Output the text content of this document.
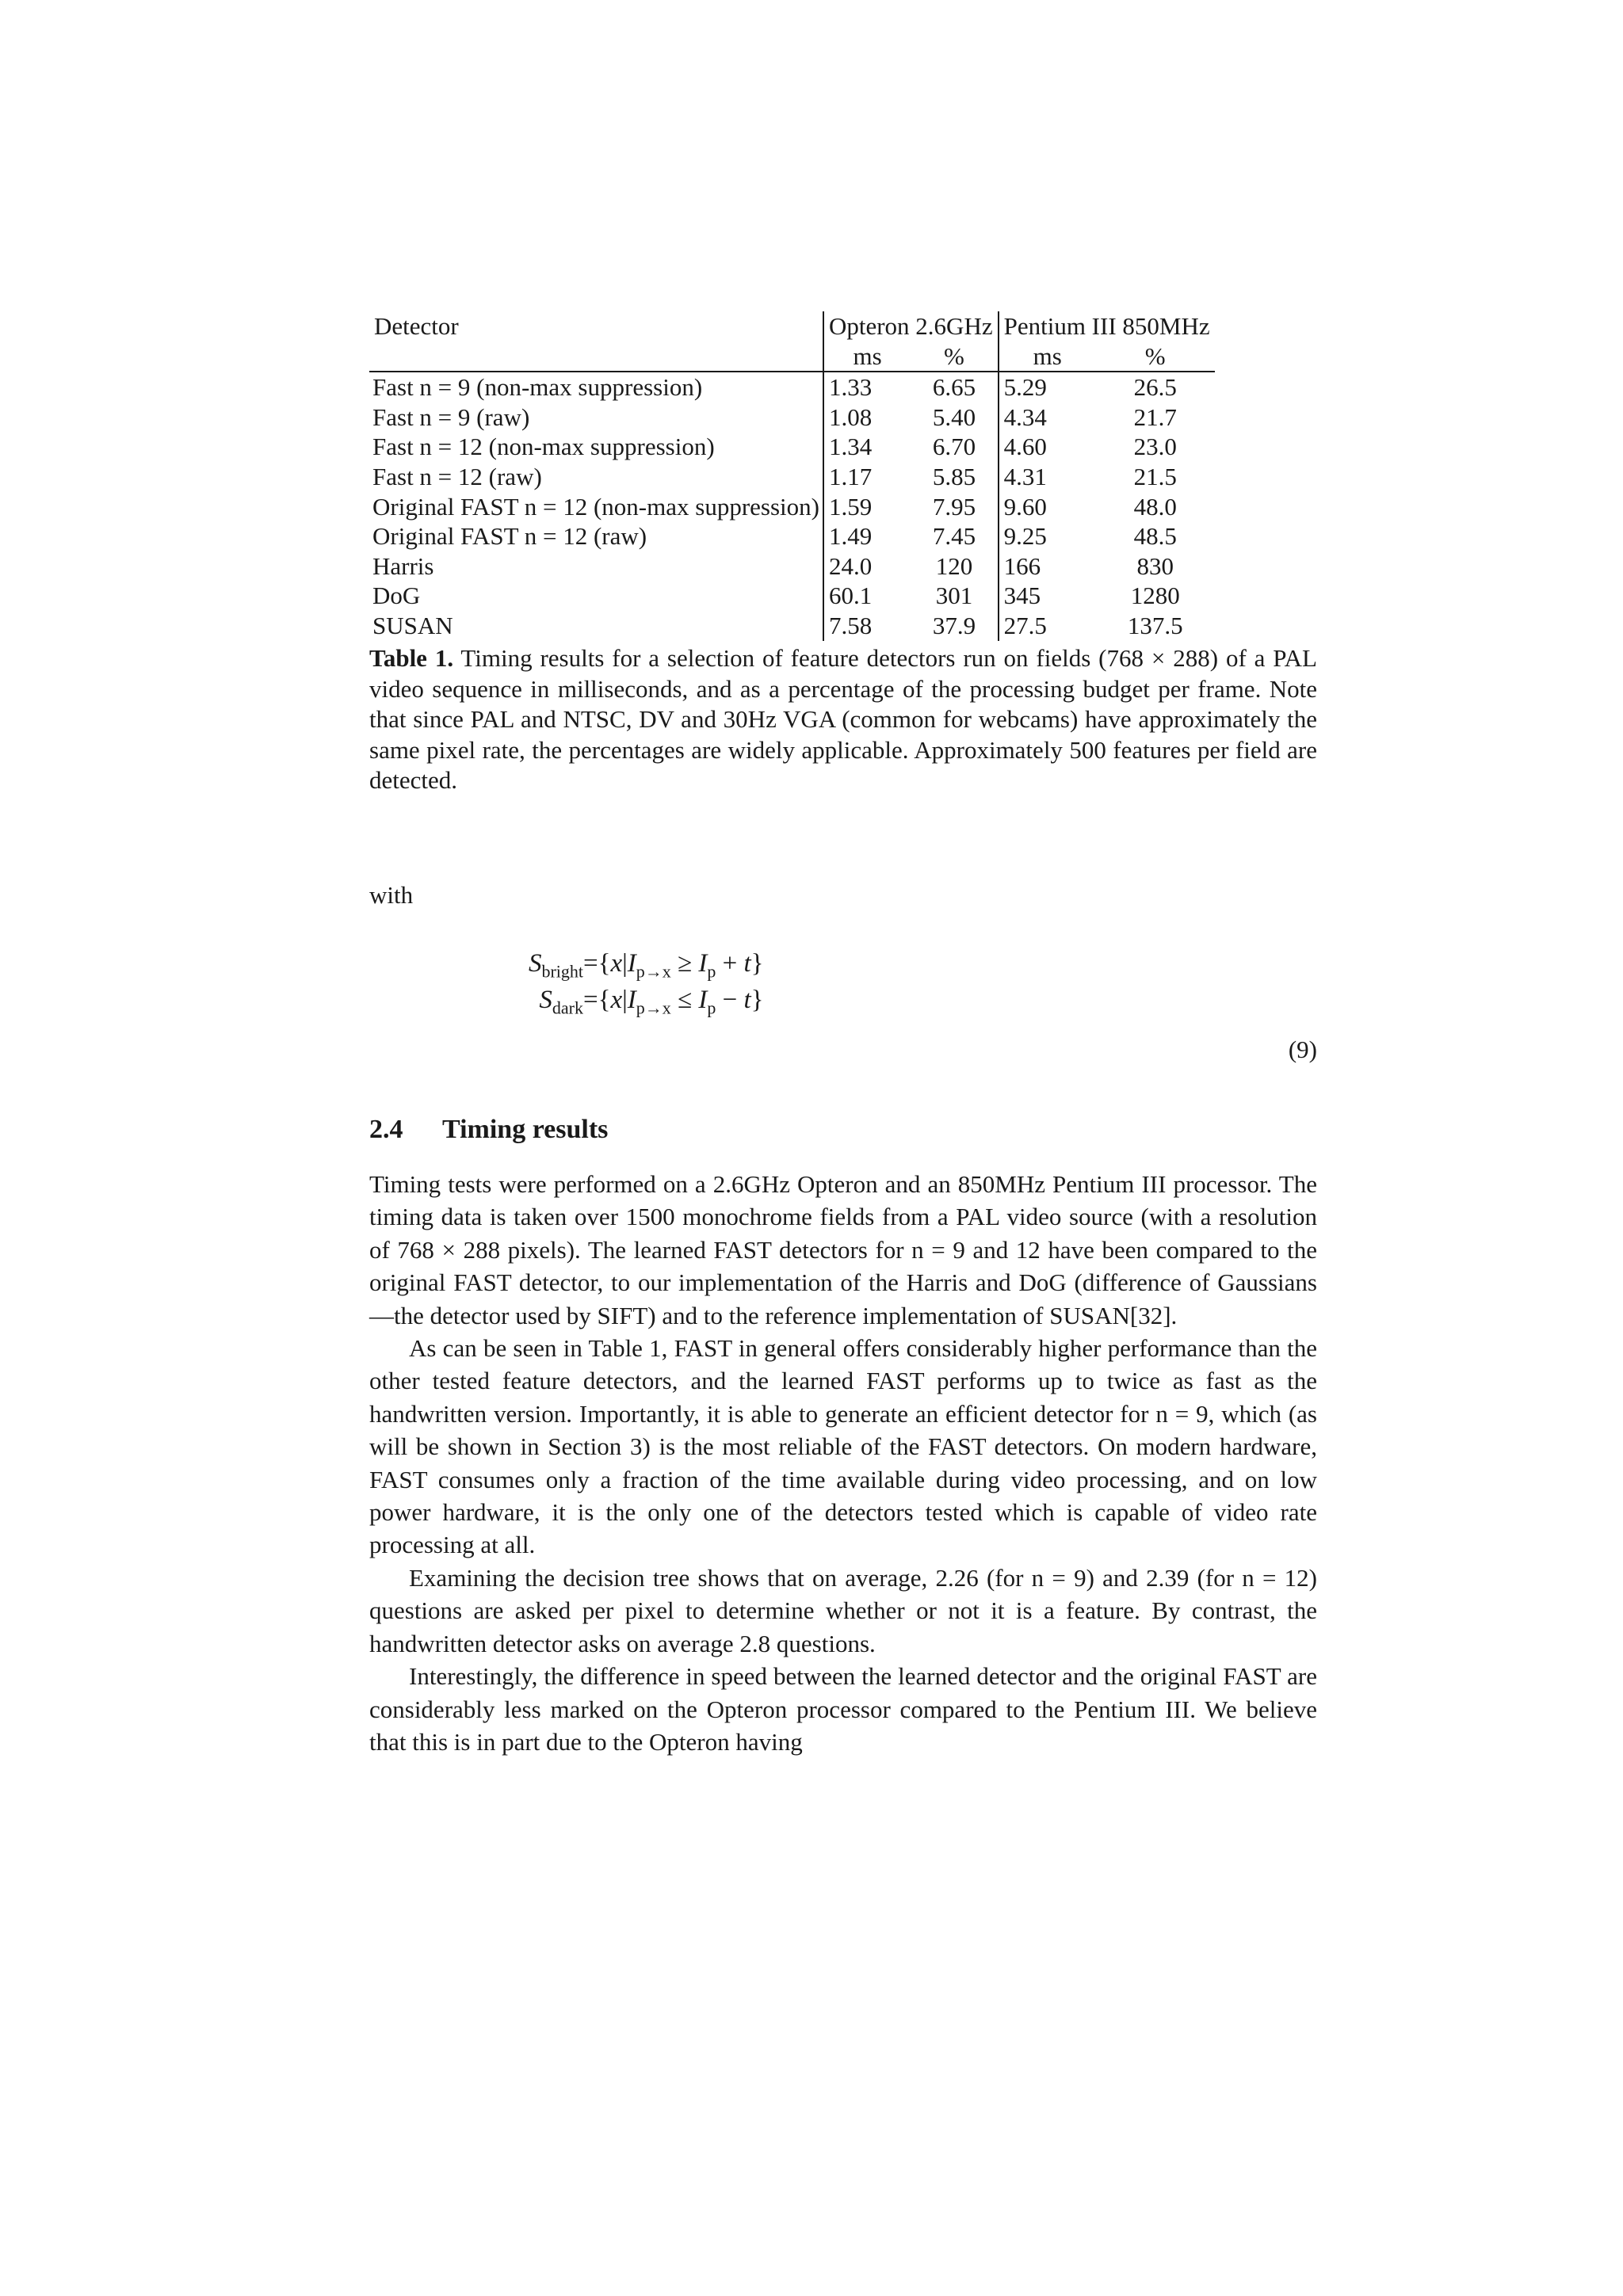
Detector	Opteron 2.6GHz		Pentium III 850MHz	
	ms	%	ms	%
Fast n = 9 (non-max suppression)	1.33	6.65	5.29	26.5
Fast n = 9 (raw)	1.08	5.40	4.34	21.7
Fast n = 12 (non-max suppression)	1.34	6.70	4.60	23.0
Fast n = 12 (raw)	1.17	5.85	4.31	21.5
Original FAST n = 12 (non-max suppression)	1.59	7.95	9.60	48.0
Original FAST n = 12 (raw)	1.49	7.45	9.25	48.5
Harris	24.0	120	166	830
DoG	60.1	301	345	1280
SUSAN	7.58	37.9	27.5	137.5
Table 1. Timing results for a selection of feature detectors run on fields (768 × 288) of a PAL video sequence in milliseconds, and as a percentage of the processing budget per frame. Note that since PAL and NTSC, DV and 30Hz VGA (common for webcams) have approximately the same pixel rate, the percentages are widely applicable. Approximately 500 features per field are detected.
with
$S_{bright}=\{x|I_{p\to x} \ge I_p + t\}$
$S_{dark}=\{x|I_{p\to x} \le I_p - t\}$
(9)
2.4 Timing results

Timing tests were performed on a 2.6GHz Opteron and an 850MHz Pentium III processor. The timing data is taken over 1500 monochrome fields from a PAL video source (with a resolution of 768 × 288 pixels). The learned FAST detectors for n = 9 and 12 have been compared to the original FAST detector, to our implementation of the Harris and DoG (difference of Gaussians—the detector used by SIFT) and to the reference implementation of SUSAN[32].

As can be seen in Table 1, FAST in general offers considerably higher performance than the other tested feature detectors, and the learned FAST performs up to twice as fast as the handwritten version. Importantly, it is able to generate an efficient detector for n = 9, which (as will be shown in Section 3) is the most reliable of the FAST detectors. On modern hardware, FAST consumes only a fraction of the time available during video processing, and on low power hardware, it is the only one of the detectors tested which is capable of video rate processing at all.

Examining the decision tree shows that on average, 2.26 (for n = 9) and 2.39 (for n = 12) questions are asked per pixel to determine whether or not it is a feature. By contrast, the handwritten detector asks on average 2.8 questions.

Interestingly, the difference in speed between the learned detector and the original FAST are considerably less marked on the Opteron processor compared to the Pentium III. We believe that this is in part due to the Opteron having
